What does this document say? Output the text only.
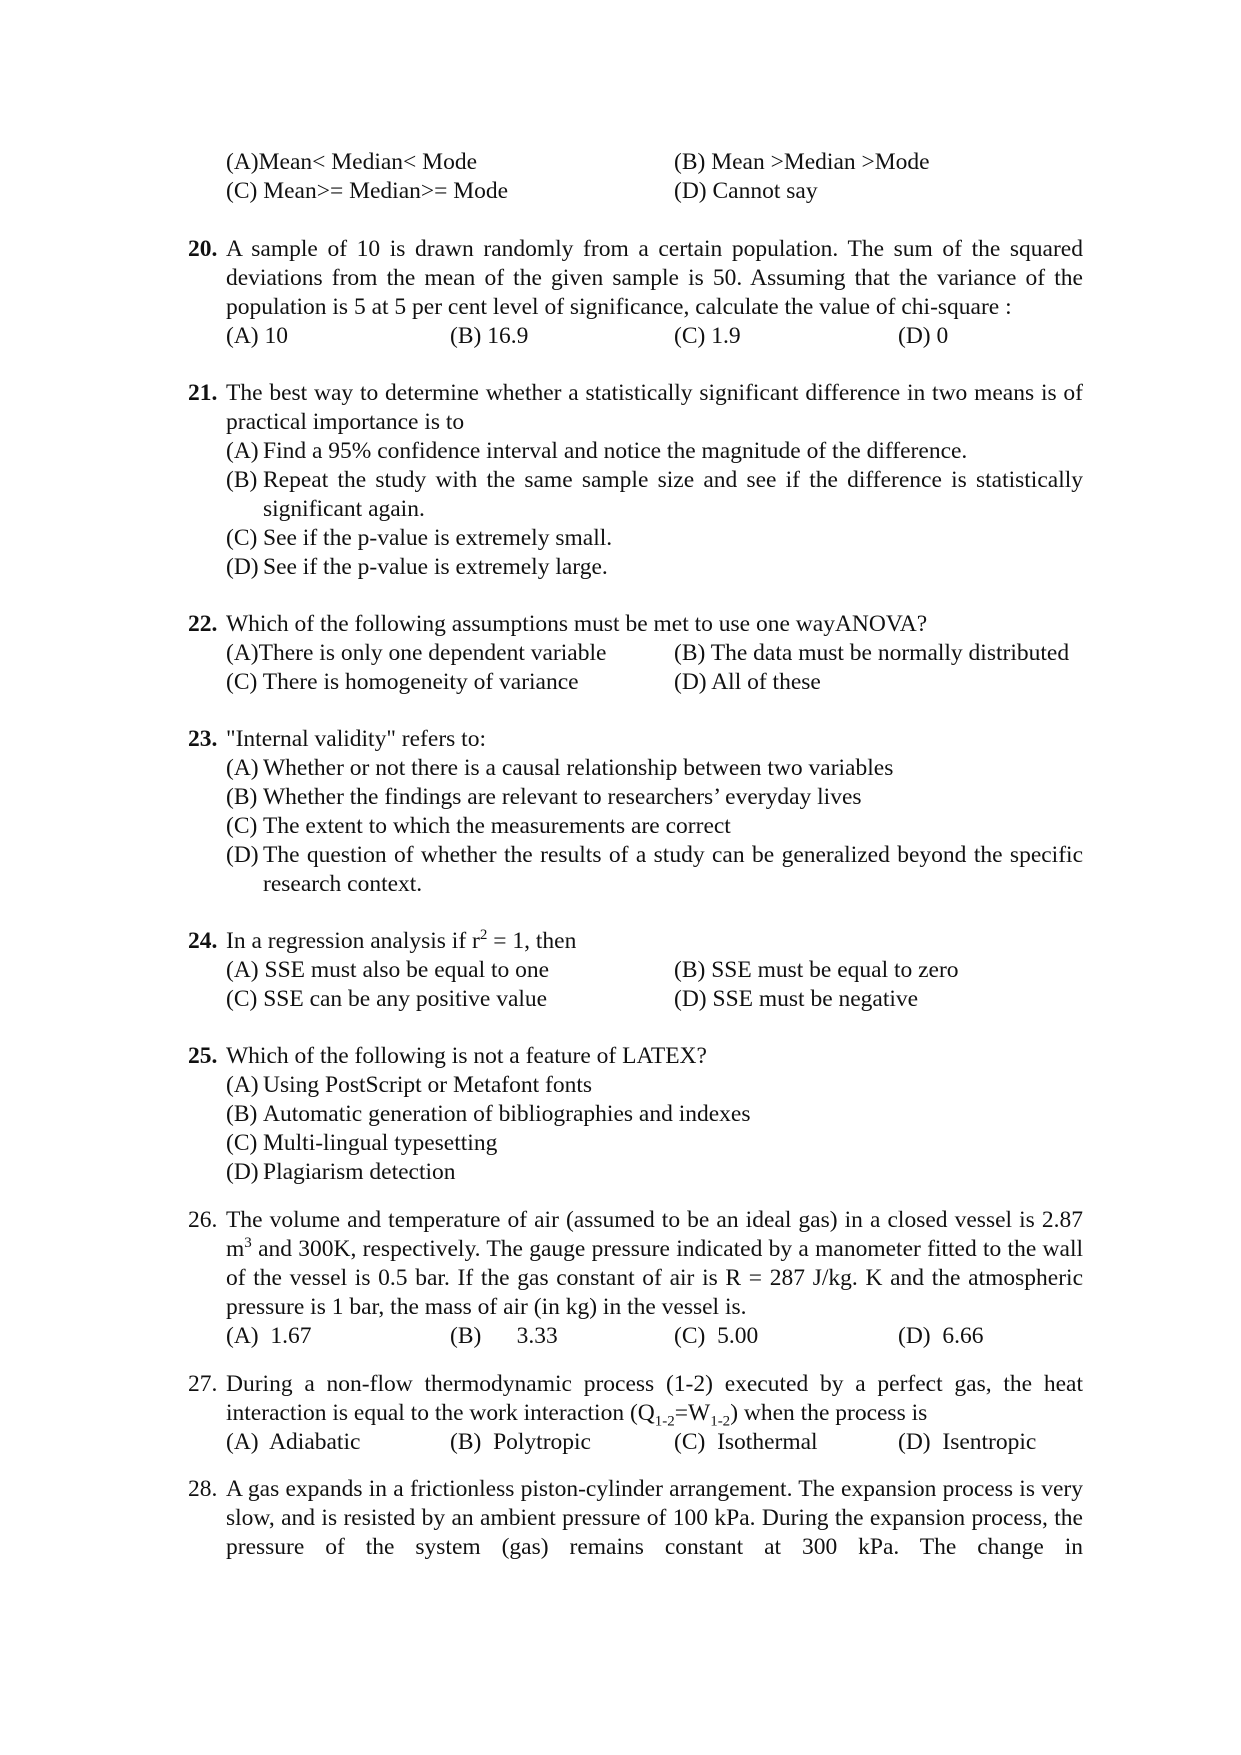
(A)Mean< Median< Mode	(B) Mean >Median >Mode
(C) Mean>= Median>= Mode	(D) Cannot say
20. A sample of 10 is drawn randomly from a certain population. The sum of the squared deviations from the mean of the given sample is 50. Assuming that the variance of the population is 5 at 5 per cent level of significance, calculate the value of chi-square :
(A) 10	(B) 16.9	(C) 1.9	(D) 0
21. The best way to determine whether a statistically significant difference in two means is of practical importance is to
(A) Find a 95% confidence interval and notice the magnitude of the difference.
(B) Repeat the study with the same sample size and see if the difference is statistically significant again.
(C) See if the p-value is extremely small.
(D) See if the p-value is extremely large.
22. Which of the following assumptions must be met to use one wayANOVA?
(A)There is only one dependent variable	(B) The data must be normally distributed
(C) There is homogeneity of variance	(D) All of these
23. "Internal validity" refers to:
(A) Whether or not there is a causal relationship between two variables
(B) Whether the findings are relevant to researchers’ everyday lives
(C) The extent to which the measurements are correct
(D) The question of whether the results of a study can be generalized beyond the specific research context.
24. In a regression analysis if $r^2 = 1$, then
(A) SSE must also be equal to one	(B) SSE must be equal to zero
(C) SSE can be any positive value	(D) SSE must be negative
25. Which of the following is not a feature of LATEX?
(A) Using PostScript or Metafont fonts
(B) Automatic generation of bibliographies and indexes
(C) Multi-lingual typesetting
(D) Plagiarism detection
26. The volume and temperature of air (assumed to be an ideal gas) in a closed vessel is 2.87 $m^3$ and 300K, respectively. The gauge pressure indicated by a manometer fitted to the wall of the vessel is 0.5 bar. If the gas constant of air is R = 287 J/kg. K and the atmospheric pressure is 1 bar, the mass of air (in kg) in the vessel is.
(A)  1.67	(B)      3.33	(C)  5.00	(D)  6.66
27. During a non-flow thermodynamic process (1-2) executed by a perfect gas, the heat interaction is equal to the work interaction $(Q_{1-2}=W_{1-2})$ when the process is
(A)  Adiabatic	(B)  Polytropic	(C)  Isothermal	(D)  Isentropic
28. A gas expands in a frictionless piston-cylinder arrangement. The expansion process is very slow, and is resisted by an ambient pressure of 100 kPa. During the expansion process, the pressure of the system (gas) remains constant at 300 kPa. The change in
